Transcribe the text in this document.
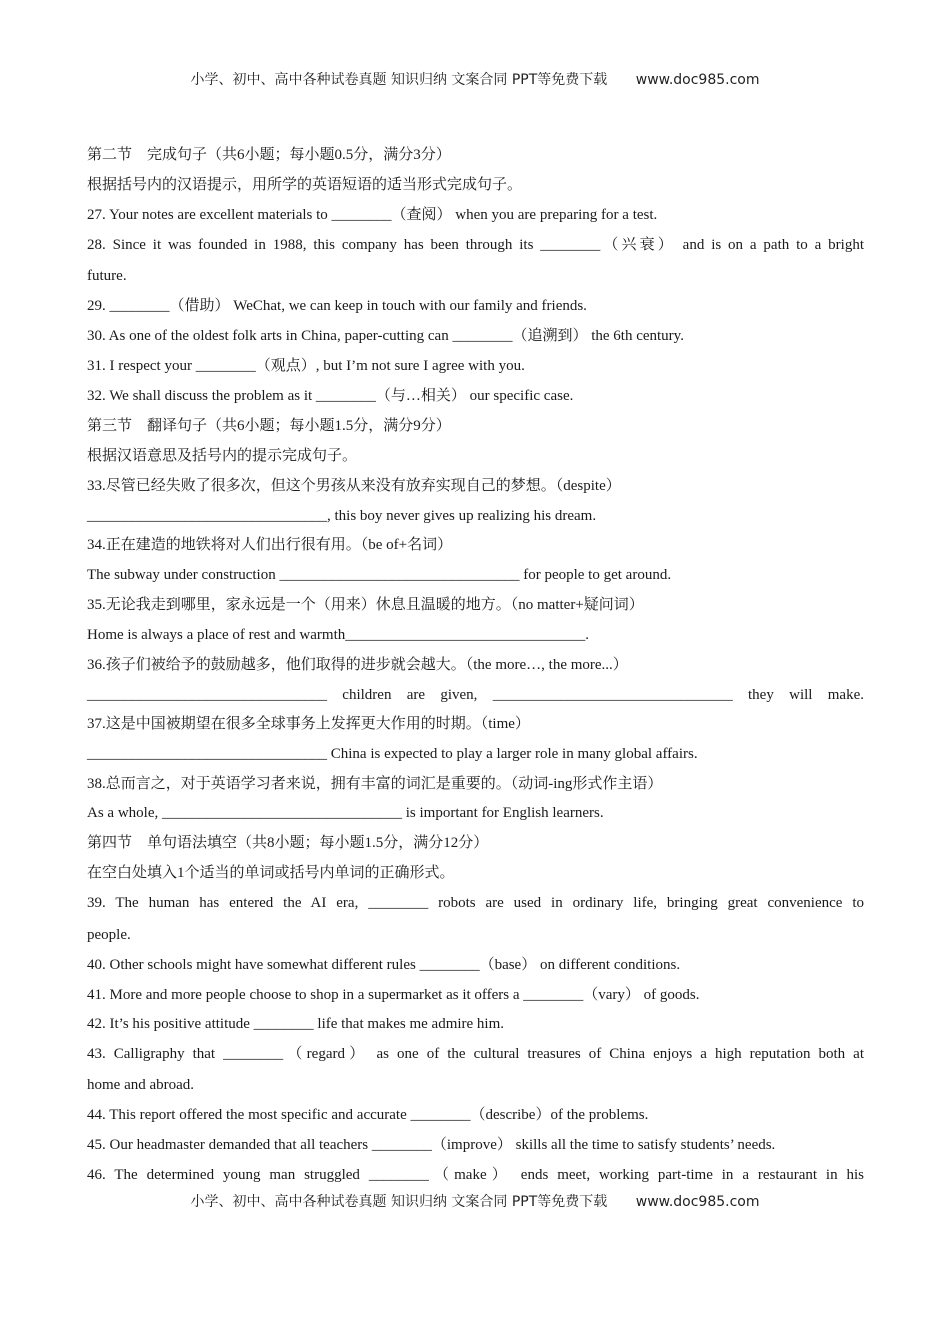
小学、初中、高中各种试卷真题 知识归纳 文案合同 PPT等免费下载 www.doc985.com
第二节　完成句子（共6小题；每小题0.5分，满分3分）
根据括号内的汉语提示，用所学的英语短语的适当形式完成句子。
27. Your notes are excellent materials to ________（查阅） when you are preparing for a test.
28. Since it was founded in 1988, this company has been through its ________（兴衰） and is on a path to a bright
future.
29. ________（借助） WeChat, we can keep in touch with our family and friends.
30. As one of the oldest folk arts in China, paper-cutting can ________（追溯到） the 6th century.
31. I respect your ________（观点）, but I’m not sure I agree with you.
32. We shall discuss the problem as it ________（与…相关） our specific case.
第三节　翻译句子（共6小题；每小题1.5分，满分9分）
根据汉语意思及括号内的提示完成句子。
33.尽管已经失败了很多次，但这个男孩从来没有放弃实现自己的梦想。（despite）
________________________________, this boy never gives up realizing his dream.
34.正在建造的地铁将对人们出行很有用。（be of+名词）
The subway under construction ________________________________ for people to get around.
35.无论我走到哪里，家永远是一个（用来）休息且温暖的地方。（no matter+疑问词）
Home is always a place of rest and warmth________________________________.
36.孩子们被给予的鼓励越多，他们取得的进步就会越大。（the more…, the more...）
________________________________ children are given, ________________________________ they will make.
37.这是中国被期望在很多全球事务上发挥更大作用的时期。（time）
________________________________ China is expected to play a larger role in many global affairs.
38.总而言之，对于英语学习者来说，拥有丰富的词汇是重要的。（动词-ing形式作主语）
As a whole, ________________________________ is important for English learners.
第四节　单句语法填空（共8小题；每小题1.5分，满分12分）
在空白处填入1个适当的单词或括号内单词的正确形式。
39. The human has entered the AI era, ________ robots are used in ordinary life, bringing great convenience to
people.
40. Other schools might have somewhat different rules ________（base） on different conditions.
41. More and more people choose to shop in a supermarket as it offers a ________（vary） of goods.
42. It’s his positive attitude ________ life that makes me admire him.
43. Calligraphy that ________（regard） as one of the cultural treasures of China enjoys a high reputation both at
home and abroad.
44. This report offered the most specific and accurate ________（describe）of the problems.
45. Our headmaster demanded that all teachers ________（improve） skills all the time to satisfy students’ needs.
46. The determined young man struggled ________（make） ends meet, working part-time in a restaurant in his
小学、初中、高中各种试卷真题 知识归纳 文案合同 PPT等免费下载 www.doc985.com
